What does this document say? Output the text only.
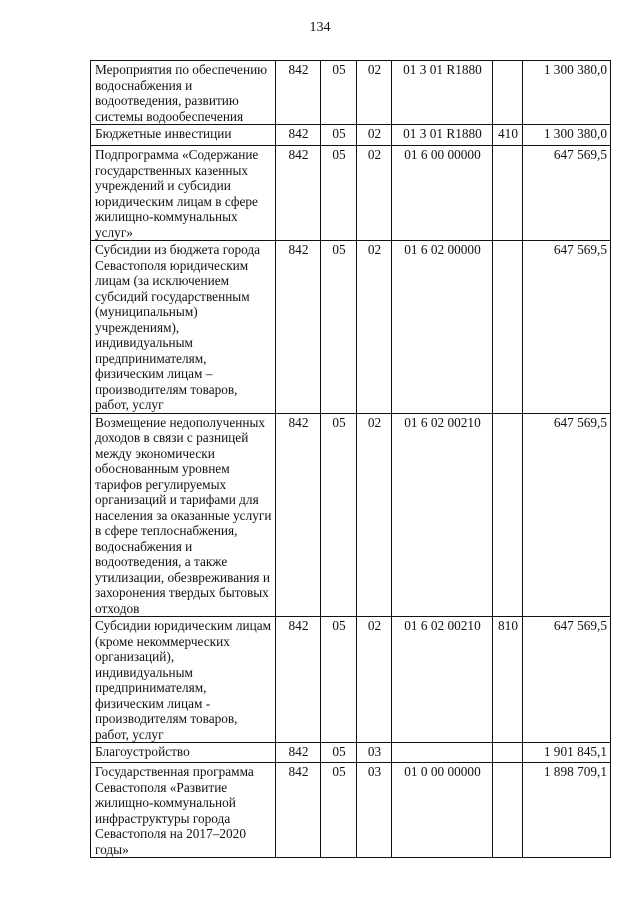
134
Мероприятия по обеспечению водоснабжения и водоотведения, развитию системы водообеспечения	842	05	02	01 3 01 R1880		1 300 380,0
Бюджетные инвестиции	842	05	02	01 3 01 R1880	410	1 300 380,0
Подпрограмма «Содержание государственных казенных учреждений и субсидии юридическим лицам в сфере жилищно-коммунальных услуг»	842	05	02	01 6 00 00000		647 569,5
Субсидии из бюджета города Севастополя юридическим лицам (за исключением субсидий государственным (муниципальным) учреждениям), индивидуальным предпринимателям, физическим лицам – производителям товаров, работ, услуг	842	05	02	01 6 02 00000		647 569,5
Возмещение недополученных доходов в связи с разницей между экономически обоснованным уровнем тарифов регулируемых организаций и тарифами для населения за оказанные услуги в сфере теплоснабжения, водоснабжения и водоотведения, а также утилизации, обезвреживания и захоронения твердых бытовых отходов	842	05	02	01 6 02 00210		647 569,5
Субсидии юридическим лицам (кроме некоммерческих организаций), индивидуальным предпринимателям, физическим лицам - производителям товаров, работ, услуг	842	05	02	01 6 02 00210	810	647 569,5
Благоустройство	842	05	03			1 901 845,1
Государственная программа Севастополя «Развитие жилищно-коммунальной инфраструктуры города Севастополя на 2017–2020 годы»	842	05	03	01 0 00 00000		1 898 709,1
